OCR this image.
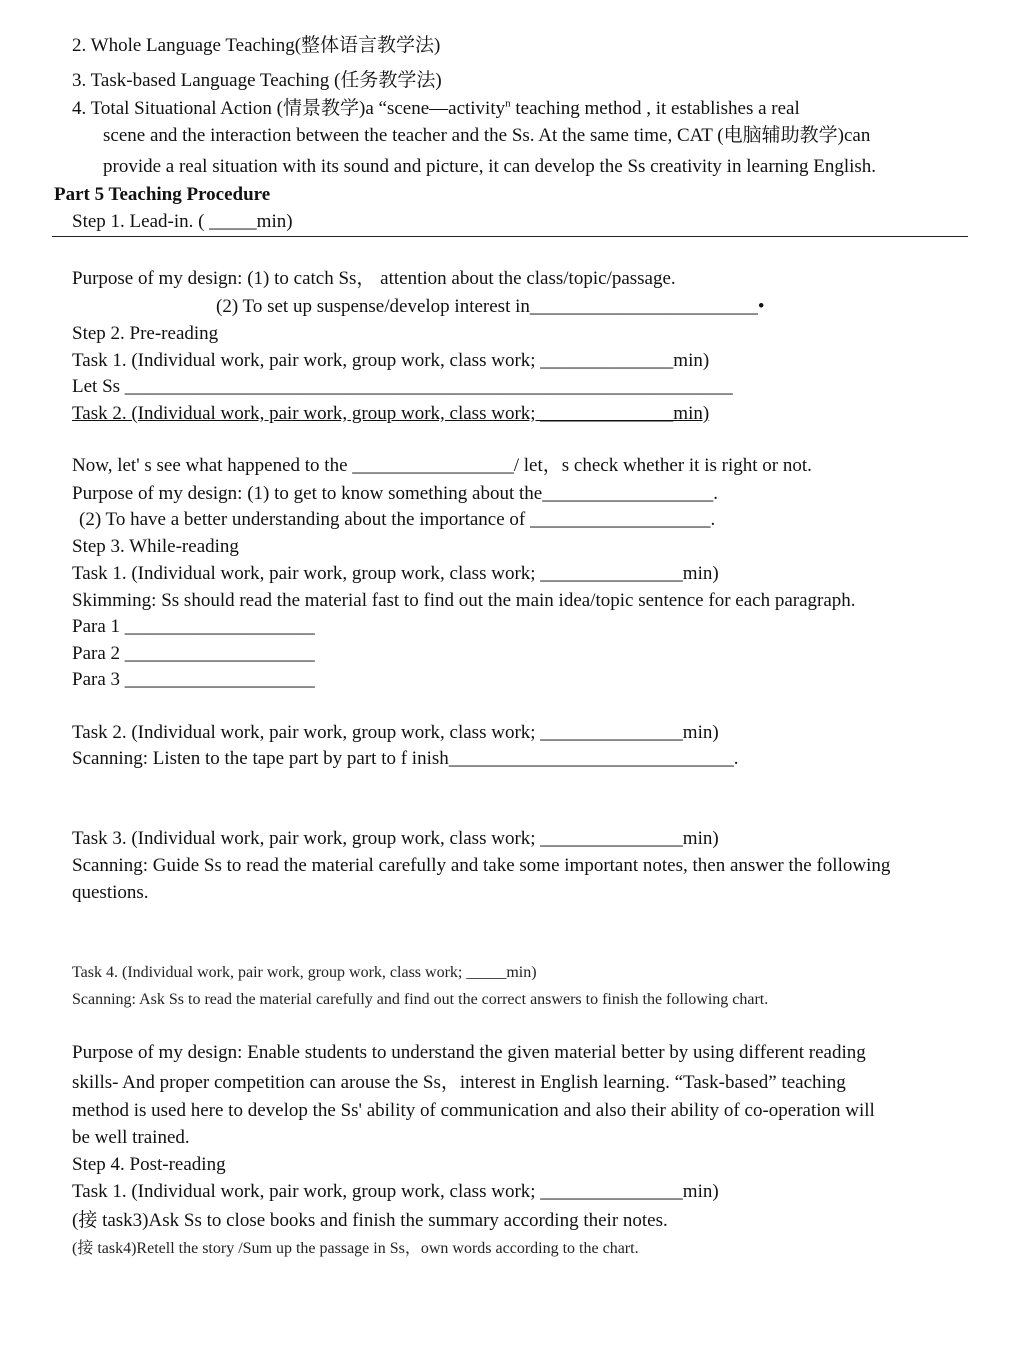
2. Whole Language Teaching(整体语言教学法)
3. Task-based Language Teaching (任务教学法)
4. Total Situational Action (情景教学)a “scene—activity$^n$ teaching method , it establishes a real
scene and the interaction between the teacher and the Ss. At the same time, CAT (电脑辅助教学)can
provide a real situation with its sound and picture, it can develop the Ss creativity in learning English.
Part 5 Teaching Procedure
Step 1. Lead-in. ( _____min)
Purpose of my design: (1) to catch Ss， attention about the class/topic/passage.
(2) To set up suspense/develop interest in________________________•
Step 2. Pre-reading
Task 1. (Individual work, pair work, group work, class work; ______________min)
Let Ss ________________________________________________________________
Task 2. (Individual work, pair work, group work, class work; ______________min)
Now, let' s see what happened to the _________________/ let，s check whether it is right or not.
Purpose of my design: (1) to get to know something about the__________________.
(2) To have a better understanding about the importance of ___________________.
Step 3. While-reading
Task 1. (Individual work, pair work, group work, class work; _______________min)
Skimming: Ss should read the material fast to find out the main idea/topic sentence for each paragraph.
Para 1 ____________________
Para 2 ____________________
Para 3 ____________________
Task 2. (Individual work, pair work, group work, class work; _______________min)
Scanning: Listen to the tape part by part to f inish______________________________.
Task 3. (Individual work, pair work, group work, class work; _______________min)
Scanning: Guide Ss to read the material carefully and take some important notes, then answer the following
questions.
Task 4. (Individual work, pair work, group work, class work; _____min)
Scanning: Ask Ss to read the material carefully and find out the correct answers to finish the following chart.
Purpose of my design: Enable students to understand the given material better by using different reading
skills- And proper competition can arouse the Ss，interest in English learning. “Task-based” teaching
method is used here to develop the Ss' ability of communication and also their ability of co-operation will
be well trained.
Step 4. Post-reading
Task 1. (Individual work, pair work, group work, class work; _______________min)
(接 task3)Ask Ss to close books and finish the summary according their notes.
(接 task4)Retell the story /Sum up the passage in Ss，own words according to the chart.
